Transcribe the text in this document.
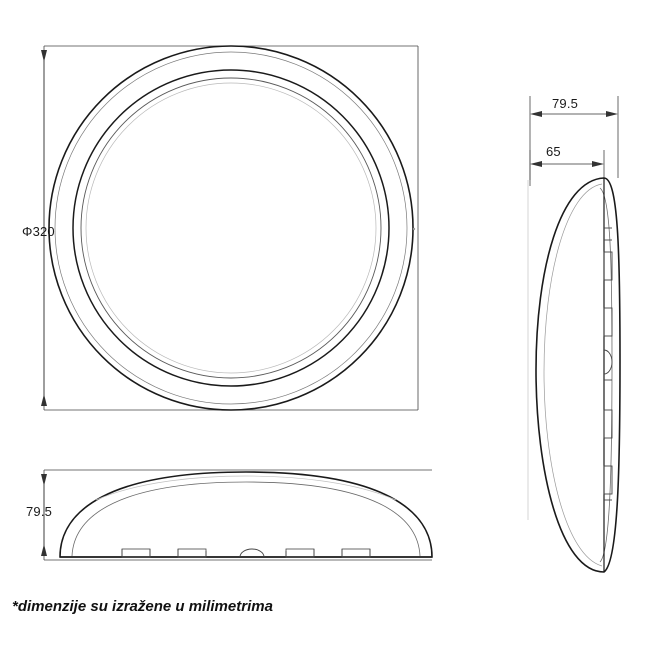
Φ320
79.5
65
79.5
*dimenzije su izražene u milimetrima
